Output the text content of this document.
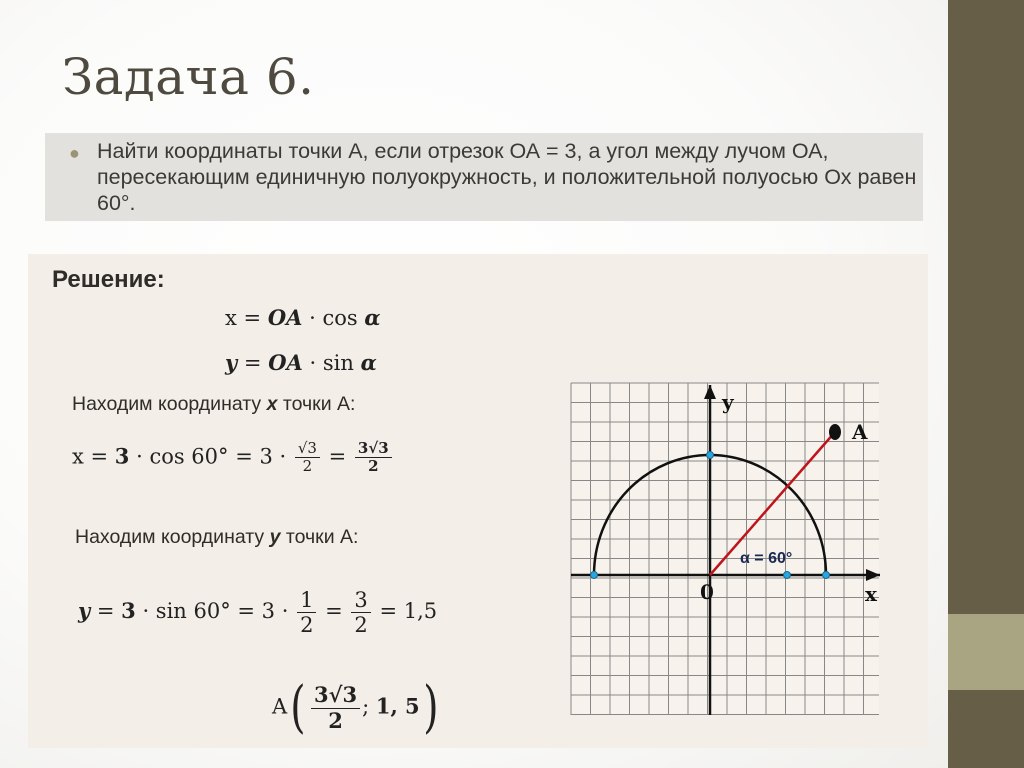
Задача 6.
● Найти координаты точки А, если отрезок ОА = 3, а угол между лучом ОА, пересекающим единичную полуокружность, и положительной полуосью Ох равен 60°.
Решение:
x = OA · cos α
y = OA · sin α
Находим координату x точки А:
$x = 3 \cdot \cos 60^\circ = 3 \cdot \frac{√3}{2} = \frac{3√3}{2}$
Находим координату y точки А:
$y = 3 \cdot \sin 60^\circ = 3 \cdot \frac{1}{2} = \frac{3}{2} = 1,5$
$A( \frac{3√3}{2}$ ; 1, 5)
y
x
0
A
α = 60°
